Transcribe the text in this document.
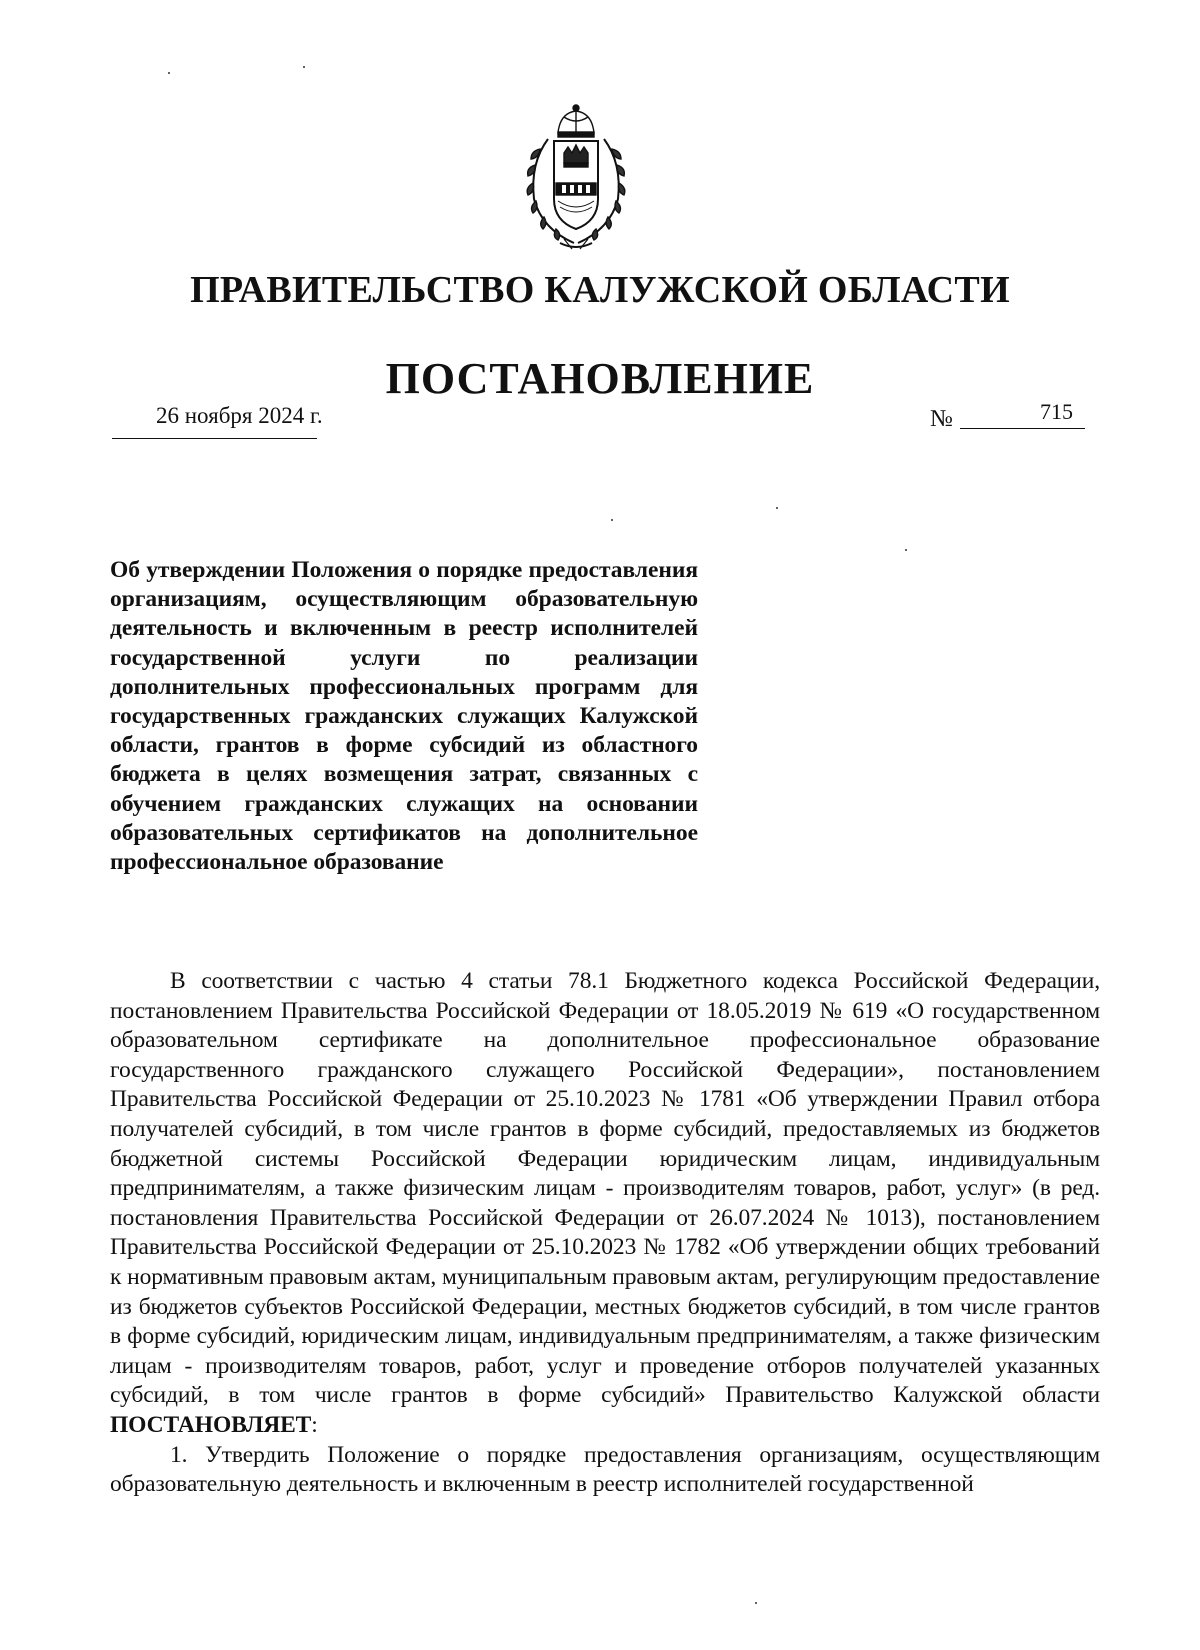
ПРАВИТЕЛЬСТВО КАЛУЖСКОЙ ОБЛАСТИ
ПОСТАНОВЛЕНИЕ
26 ноября 2024 г.	№	715
Об утверждении Положения о порядке предоставления организациям, осуществляющим образовательную деятельность и включенным в реестр исполнителей государственной услуги по реализации дополнительных профессиональных программ для государственных гражданских служащих Калужской области, грантов в форме субсидий из областного бюджета в целях возмещения затрат, связанных с обучением гражданских служащих на основании образовательных сертификатов на дополнительное профессиональное образование

В соответствии с частью 4 статьи 78.1 Бюджетного кодекса Российской Федерации, постановлением Правительства Российской Федерации от 18.05.2019 № 619 «О государственном образовательном сертификате на дополнительное профессиональное образование государственного гражданского служащего Российской Федерации», постановлением Правительства Российской Федерации от 25.10.2023 № 1781 «Об утверждении Правил отбора получателей субсидий, в том числе грантов в форме субсидий, предоставляемых из бюджетов бюджетной системы Российской Федерации юридическим лицам, индивидуальным предпринимателям, а также физическим лицам - производителям товаров, работ, услуг» (в ред. постановления Правительства Российской Федерации от 26.07.2024 № 1013), постановлением Правительства Российской Федерации от 25.10.2023 № 1782 «Об утверждении общих требований к нормативным правовым актам, муниципальным правовым актам, регулирующим предоставление из бюджетов субъектов Российской Федерации, местных бюджетов субсидий, в том числе грантов в форме субсидий, юридическим лицам, индивидуальным предпринимателям, а также физическим лицам - производителям товаров, работ, услуг и проведение отборов получателей указанных субсидий, в том числе грантов в форме субсидий» Правительство Калужской области ПОСТАНОВЛЯЕТ:

1. Утвердить Положение о порядке предоставления организациям, осуществляющим образовательную деятельность и включенным в реестр исполнителей государственной
